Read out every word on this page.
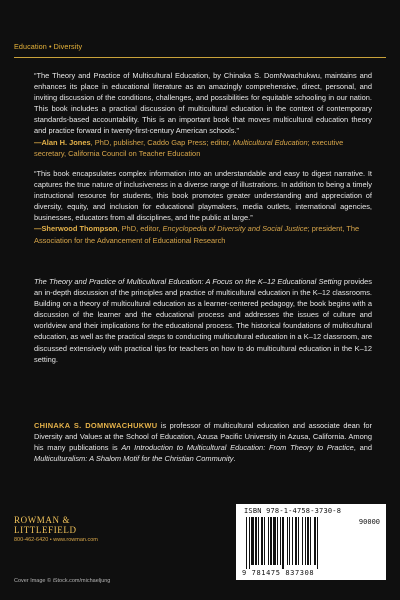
Education • Diversity

“The Theory and Practice of Multicultural Education, by Chinaka S. DomNwachukwu, maintains and enhances its place in educational literature as an amazingly comprehensive, direct, personal, and inviting discussion of the conditions, challenges, and possibilities for equitable schooling in our nation. This book includes a practical discussion of multicultural education in the context of contemporary standards-based accountability. This is an important book that moves multicultural education theory and practice forward in twenty-first-century American schools.”

—Alan H. Jones, PhD, publisher, Caddo Gap Press; editor, Multicultural Education; executive secretary, California Council on Teacher Education

“This book encapsulates complex information into an understandable and easy to digest narrative. It captures the true nature of inclusiveness in a diverse range of illustrations. In addition to being a timely instructional resource for students, this book promotes greater understanding and appreciation of diversity, equity, and inclusion for educational playmakers, media outlets, international agencies, businesses, educators from all disciplines, and the public at large.”

—Sherwood Thompson, PhD, editor, Encyclopedia of Diversity and Social Justice; president, The Association for the Advancement of Educational Research

The Theory and Practice of Multicultural Education: A Focus on the K–12 Educational Setting provides an in-depth discussion of the principles and practice of multicultural education in the K–12 classrooms. Building on a theory of multicultural education as a learner-centered pedagogy, the book begins with a discussion of the learner and the educational process and addresses the issues of culture and worldview and their implications for the educational process. The historical foundations of multicultural education, as well as the practical steps to conducting multicultural education in a K–12 classroom, are discussed extensively with practical tips for teachers on how to do multicultural education in the K–12 setting.

CHINAKA S. DOMNWACHUKWU is professor of multicultural education and associate dean for Diversity and Values at the School of Education, Azusa Pacific University in Azusa, California. Among his many publications is An Introduction to Multicultural Education: From Theory to Practice, and Multiculturalism: A Shalom Motif for the Christian Community.

ROWMAN &
LITTLEFIELD
800-462-6420 • www.rowman.com
Cover Image © iStock.com/michaeljung
ISBN 978-1-4758-3730-8
90000
9 781475 837308
